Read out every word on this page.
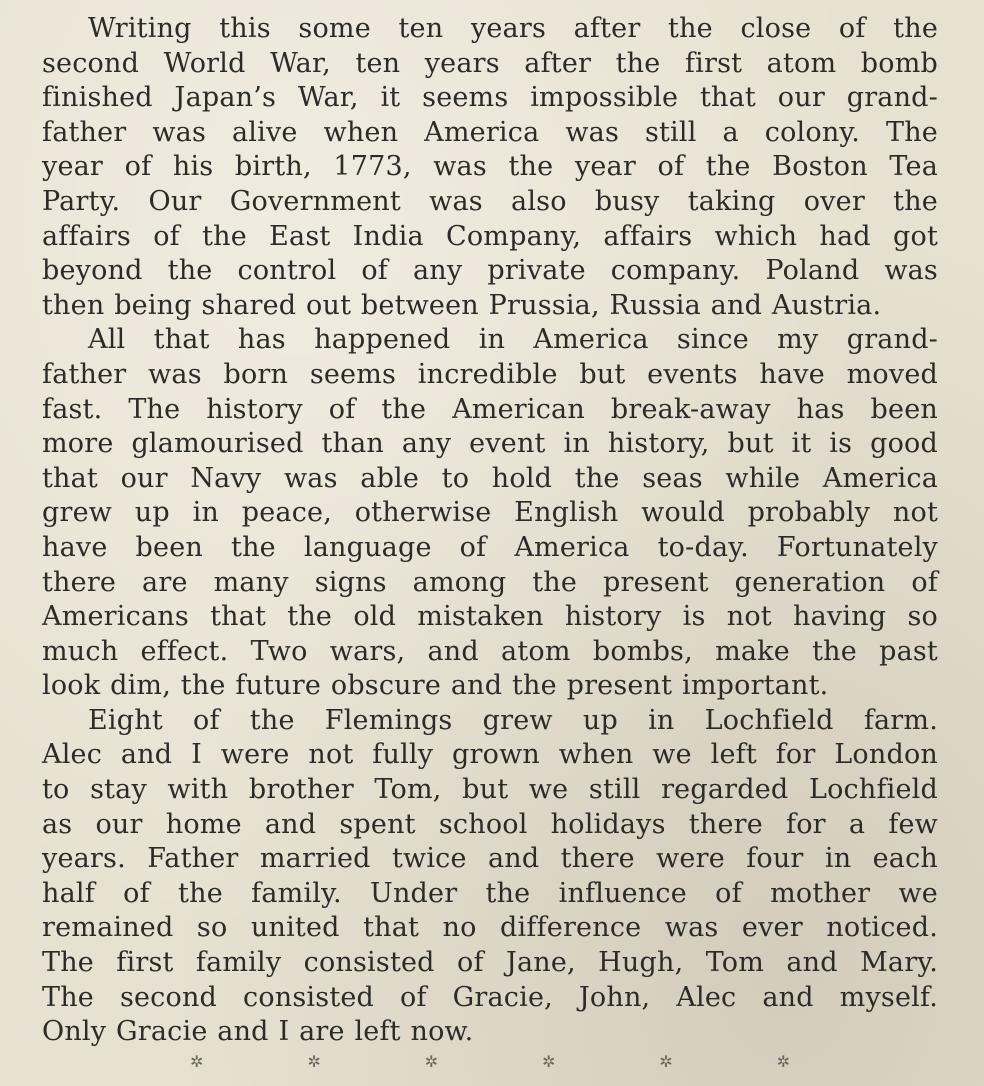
Writing this some ten years after the close of the
second World War, ten years after the first atom bomb
finished Japan’s War, it seems impossible that our grand-
father was alive when America was still a colony. The
year of his birth, 1773, was the year of the Boston Tea
Party. Our Government was also busy taking over the
affairs of the East India Company, affairs which had got
beyond the control of any private company. Poland was
then being shared out between Prussia, Russia and Austria.

All that has happened in America since my grand-
father was born seems incredible but events have moved
fast. The history of the American break-away has been
more glamourised than any event in history, but it is good
that our Navy was able to hold the seas while America
grew up in peace, otherwise English would probably not
have been the language of America to-day. Fortunately
there are many signs among the present generation of
Americans that the old mistaken history is not having so
much effect. Two wars, and atom bombs, make the past
look dim, the future obscure and the present important.

Eight of the Flemings grew up in Lochfield farm.
Alec and I were not fully grown when we left for London
to stay with brother Tom, but we still regarded Lochfield
as our home and spent school holidays there for a few
years. Father married twice and there were four in each
half of the family. Under the influence of mother we
remained so united that no difference was ever noticed.
The first family consisted of Jane, Hugh, Tom and Mary.
The second consisted of Gracie, John, Alec and myself.
Only Gracie and I are left now.

✲	✲	✲	✲	✲	✲
